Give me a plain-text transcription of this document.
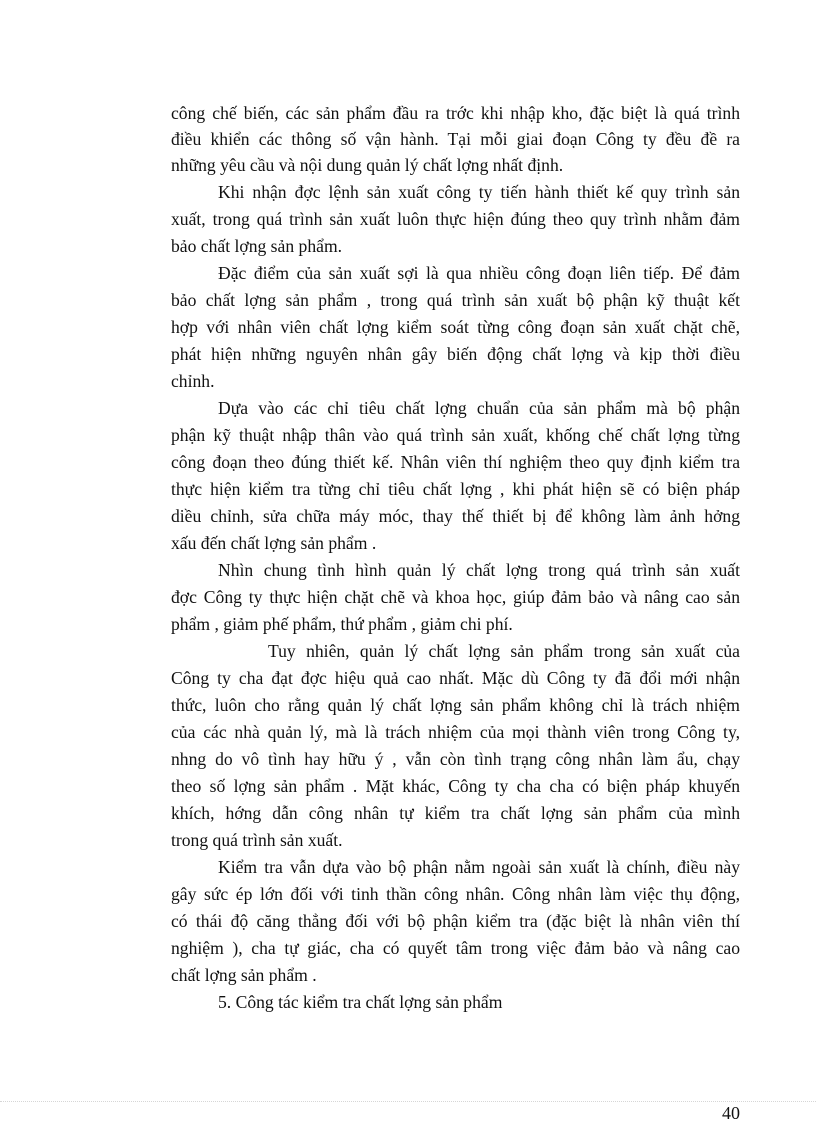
công chế biến, các sản phẩm đầu ra trớc khi nhập kho, đặc biệt là quá trình
điều khiển các thông số vận hành. Tại mỗi giai đoạn Công ty đều đề ra
những yêu cầu và nội dung quản lý chất lợng nhất định.
Khi nhận đợc lệnh sản xuất công ty tiến hành thiết kế quy trình sản
xuất, trong quá trình sản xuất luôn thực hiện đúng theo quy trình nhằm đảm
bảo chất lợng sản phẩm.
Đặc điểm của sản xuất sợi là qua nhiều công đoạn liên tiếp. Để đảm
bảo chất lợng sản phẩm , trong quá trình sản xuất bộ phận kỹ thuật kết
hợp với nhân viên chất lợng kiểm soát từng công đoạn sản xuất chặt chẽ,
phát hiện những nguyên nhân gây biến động chất lợng và kịp thời điều
chỉnh.
Dựa vào các chỉ tiêu chất lợng chuẩn của sản phẩm mà bộ phận
phận kỹ thuật nhập thân vào quá trình sản xuất, khống chế chất lợng từng
công đoạn theo đúng thiết kế. Nhân viên thí nghiệm theo quy định kiểm tra
thực hiện kiểm tra từng chỉ tiêu chất lợng , khi phát hiện sẽ có biện pháp
diều chỉnh, sửa chữa máy móc, thay thế thiết bị để không làm ảnh hởng
xấu đến chất lợng sản phẩm .
Nhìn chung tình hình quản lý chất lợng trong quá trình sản xuất
đợc Công ty thực hiện chặt chẽ và khoa học, giúp đảm bảo và nâng cao sản
phẩm , giảm phế phẩm, thứ phẩm , giảm chi phí.
Tuy nhiên, quản lý chất lợng sản phẩm trong sản xuất của
Công ty cha đạt đợc hiệu quả cao nhất. Mặc dù Công ty đã đổi mới nhận
thức, luôn cho rằng quản lý chất lợng sản phẩm không chỉ là trách nhiệm
của các nhà quản lý, mà là trách nhiệm của mọi thành viên trong Công ty,
nhng do vô tình hay hữu ý , vẫn còn tình trạng công nhân làm ẩu, chạy
theo số lợng sản phẩm . Mặt khác, Công ty cha cha có biện pháp khuyến
khích, hớng dẫn công nhân tự kiểm tra chất lợng sản phẩm của mình
trong quá trình sản xuất.
Kiểm tra vẫn dựa vào bộ phận nằm ngoài sản xuất là chính, điều này
gây sức ép lớn đối với tinh thần công nhân. Công nhân làm việc thụ động,
có thái độ căng thẳng đối với bộ phận kiểm tra (đặc biệt là nhân viên thí
nghiệm ), cha tự giác, cha có quyết tâm trong việc đảm bảo và nâng cao
chất lợng sản phẩm .
5. Công tác kiểm tra chất lợng sản phẩm
40
